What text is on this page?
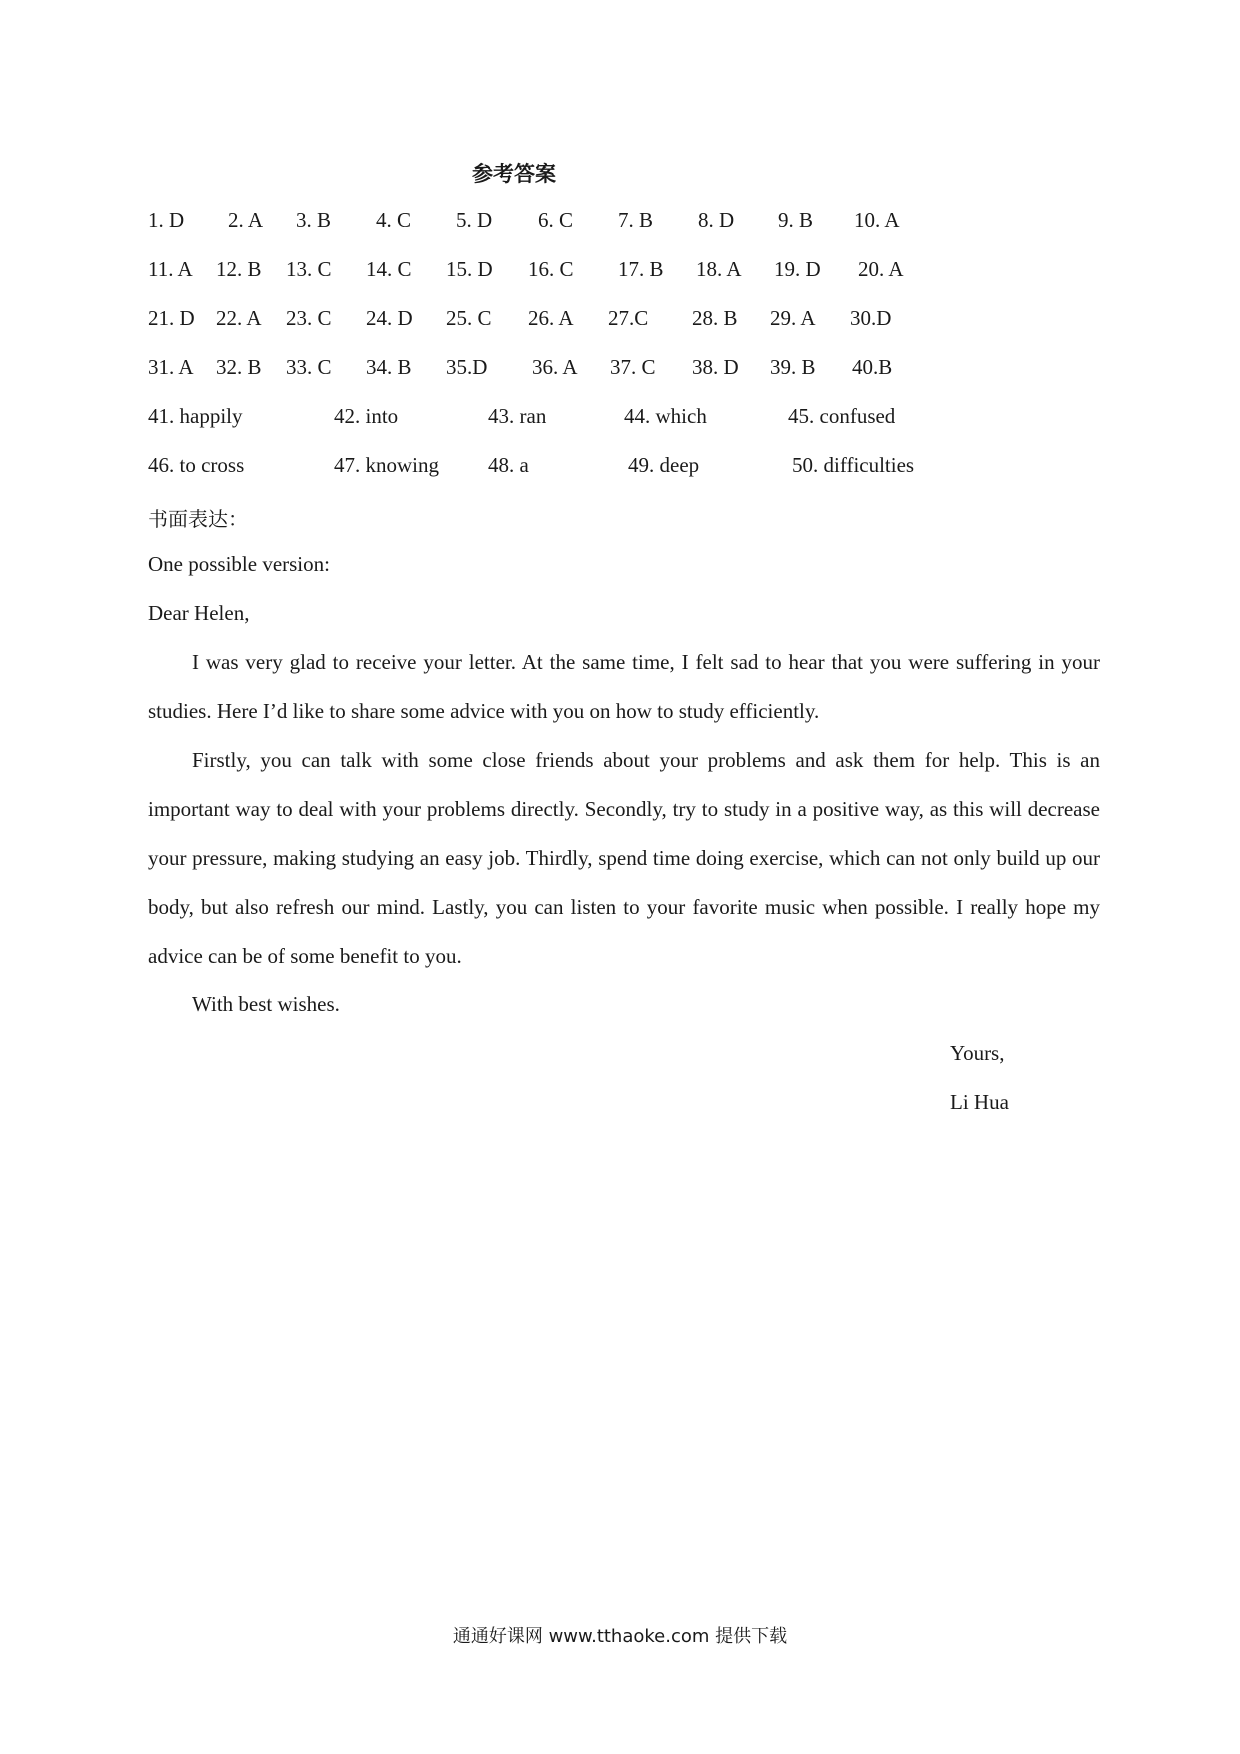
参考答案
1. D 2. A 3. B 4. C 5. D 6. C 7. B 8. D 9. B 10. A
11. A 12. B 13. C 14. C 15. D 16. C 17. B 18. A 19. D 20. A
21. D 22. A 23. C 24. D 25. C 26. A 27.C 28. B 29. A 30.D
31. A 32. B 33. C 34. B 35.D 36. A 37. C 38. D 39. B 40.B
41. happily	42. into	43. ran	44. which	45. confused
46. to cross	47. knowing 48. a	49. deep	50. difficulties
书面表达：
One possible version:
Dear Helen,
I was very glad to receive your letter. At the same time, I felt sad to hear that you were suffering in your studies. Here I’d like to share some advice with you on how to study efficiently.
Firstly, you can talk with some close friends about your problems and ask them for help. This is an important way to deal with your problems directly. Secondly, try to study in a positive way, as this will decrease your pressure, making studying an easy job. Thirdly, spend time doing exercise, which can not only build up our body, but also refresh our mind. Lastly, you can listen to your favorite music when possible. I really hope my advice can be of some benefit to you.
With best wishes.
Yours,
Li Hua
通通好课网 www.tthaoke.com 提供下载
